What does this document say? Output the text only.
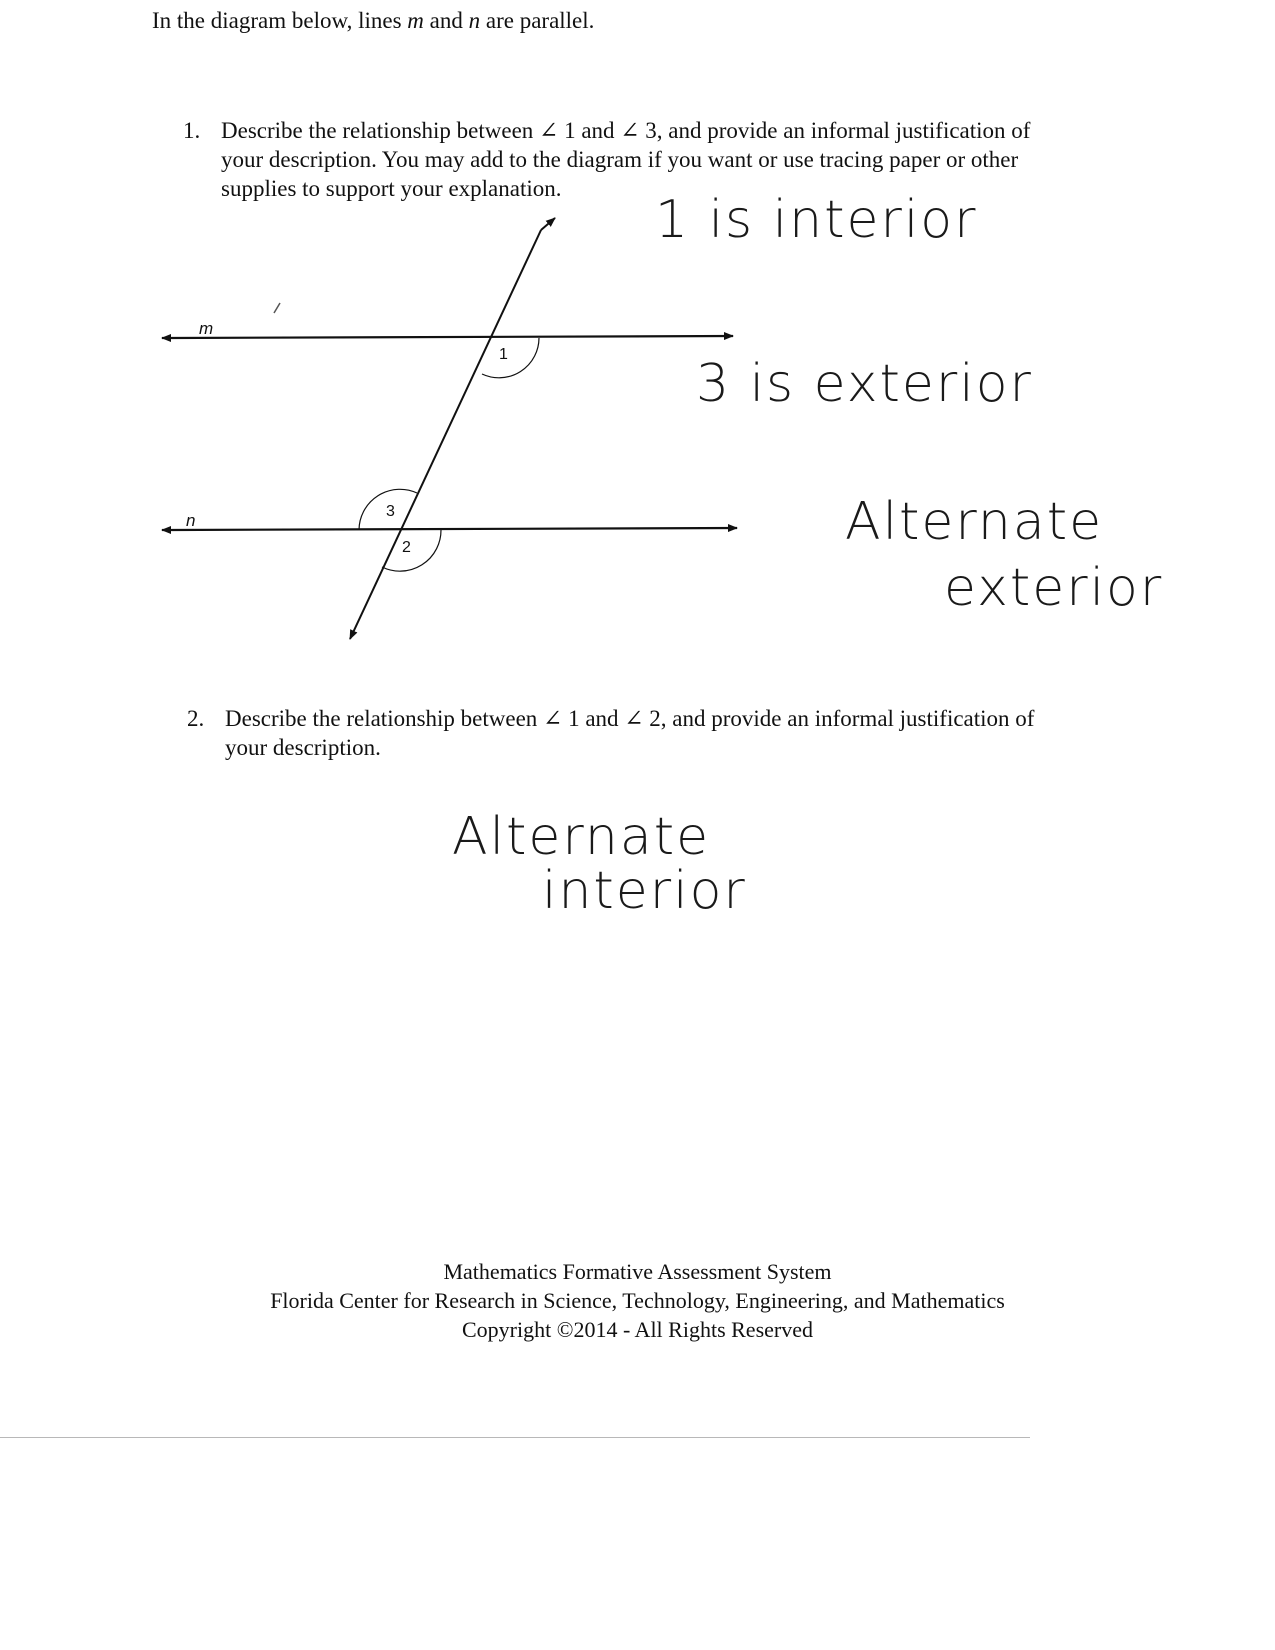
In the diagram below, lines m and n are parallel.
1. Describe the relationship between ∠ 1 and ∠ 3, and provide an informal justification of
your description. You may add to the diagram if you want or use tracing paper or other
supplies to support your explanation.
m
n
1
3
2
1 is interior
3 is exterior
Alternate
exterior
2. Describe the relationship between ∠ 1 and ∠ 2, and provide an informal justification of
your description.
Alternate
interior
Mathematics Formative Assessment System
Florida Center for Research in Science, Technology, Engineering, and Mathematics
Copyright ©2014 - All Rights Reserved
